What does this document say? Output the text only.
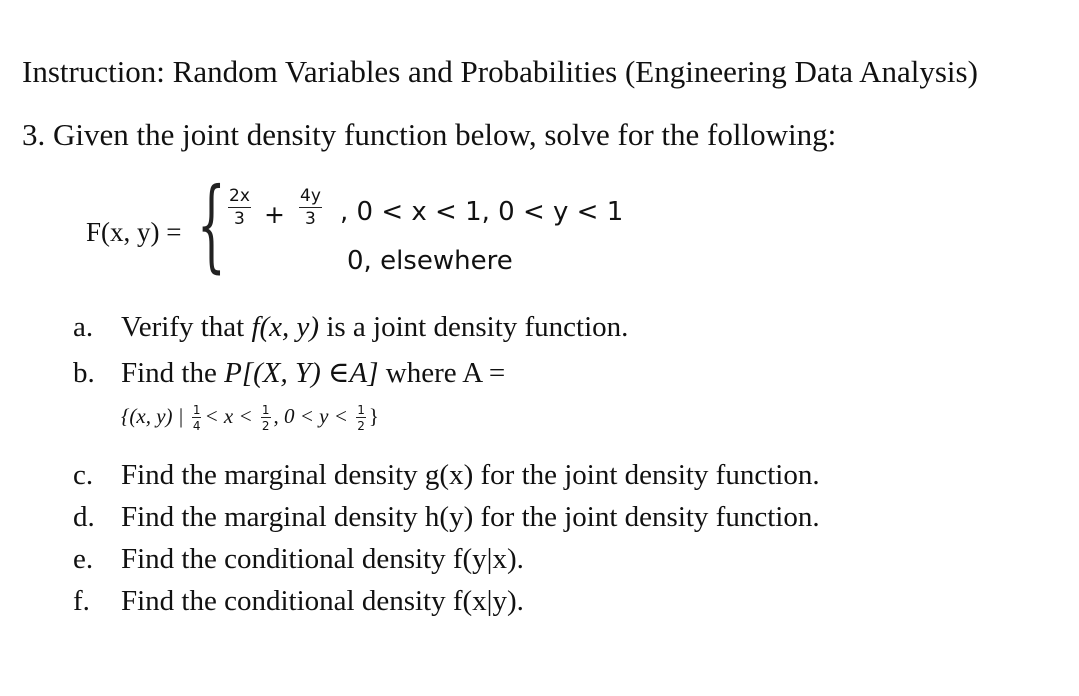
Instruction: Random Variables and Probabilities (Engineering Data Analysis)
3. Given the joint density function below, solve for the following:
F(x, y) = { $\frac{2x}{3} + \frac{4y}{3}$ , 0 < x < 1, 0 < y < 1
0, elsewhere
a. Verify that f(x, y) is a joint density function.
b. Find the P[(X, Y) ∈A] where A =
{(x, y) | $\frac{1}{4} < x < \frac{1}{2}$ , $0 < y < \frac{1}{2}$ }
c. Find the marginal density g(x) for the joint density function.
d. Find the marginal density h(y) for the joint density function.
e. Find the conditional density f(y|x).
f. Find the conditional density f(x|y).
